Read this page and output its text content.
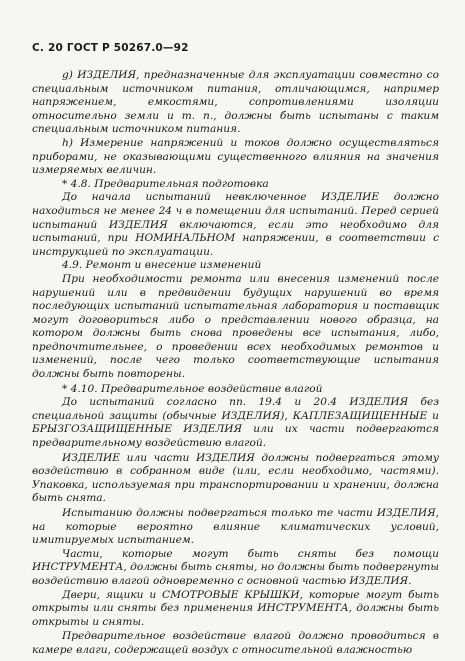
С. 20 ГОСТ Р 50267.0—92

g) ИЗДЕЛИЯ, предназначенные для эксплуатации совместно со специальным источником питания, отличающимся, например напряжением, емкостями, сопротивлениями изоляции относительно земли и т. п., должны быть испытаны с таким специальным источником питания.

h) Измерение напряжений и токов должно осуществляться приборами, не оказывающими существенного влияния на значения измеряемых величин.

* 4.8. Предварительная подготовка

До начала испытаний невключенное ИЗДЕЛИЕ должно находиться не менее 24 ч в помещении для испытаний. Перед серией испытаний ИЗДЕЛИЯ включаются, если это необходимо для испытаний, при НОМИНАЛЬНОМ напряжении, в соответствии с инструкцией по эксплуатации.

4.9. Ремонт и внесение изменений

При необходимости ремонта или внесения изменений после нарушений или в предвидении будущих нарушений во время последующих испытаний испытательная лаборатория и поставщик могут договориться либо о представлении нового образца, на котором должны быть снова проведены все испытания, либо, предпочтительнее, о проведении всех необходимых ремонтов и изменений, после чего только соответствующие испытания должны быть повторены.

* 4.10. Предварительное воздействие влагой

До испытаний согласно пп. 19.4 и 20.4 ИЗДЕЛИЯ без специальной защиты (обычные ИЗДЕЛИЯ), КАПЛЕЗАЩИЩЕННЫЕ и БРЫЗГОЗАЩИЩЕННЫЕ ИЗДЕЛИЯ или их части подвергаются предварительному воздействию влагой.

ИЗДЕЛИЕ или части ИЗДЕЛИЯ должны подвергаться этому воздействию в собранном виде (или, если необходимо, частями). Упаковка, используемая при транспортировании и хранении, должна быть снята.

Испытанию должны подвергаться только те части ИЗДЕЛИЯ, на которые вероятно влияние климатических условий, имитируемых испытанием.

Части, которые могут быть сняты без помощи ИНСТРУМЕНТА, должны быть сняты, но должны быть подвергнуты воздействию влагой одновременно с основной частью ИЗДЕЛИЯ.

Двери, ящики и СМОТРОВЫЕ КРЫШКИ, которые могут быть открыты или сняты без применения ИНСТРУМЕНТА, должны быть открыты и сняты.

Предварительное воздействие влагой должно проводиться в камере влаги, содержащей воздух с относительной влажностью
